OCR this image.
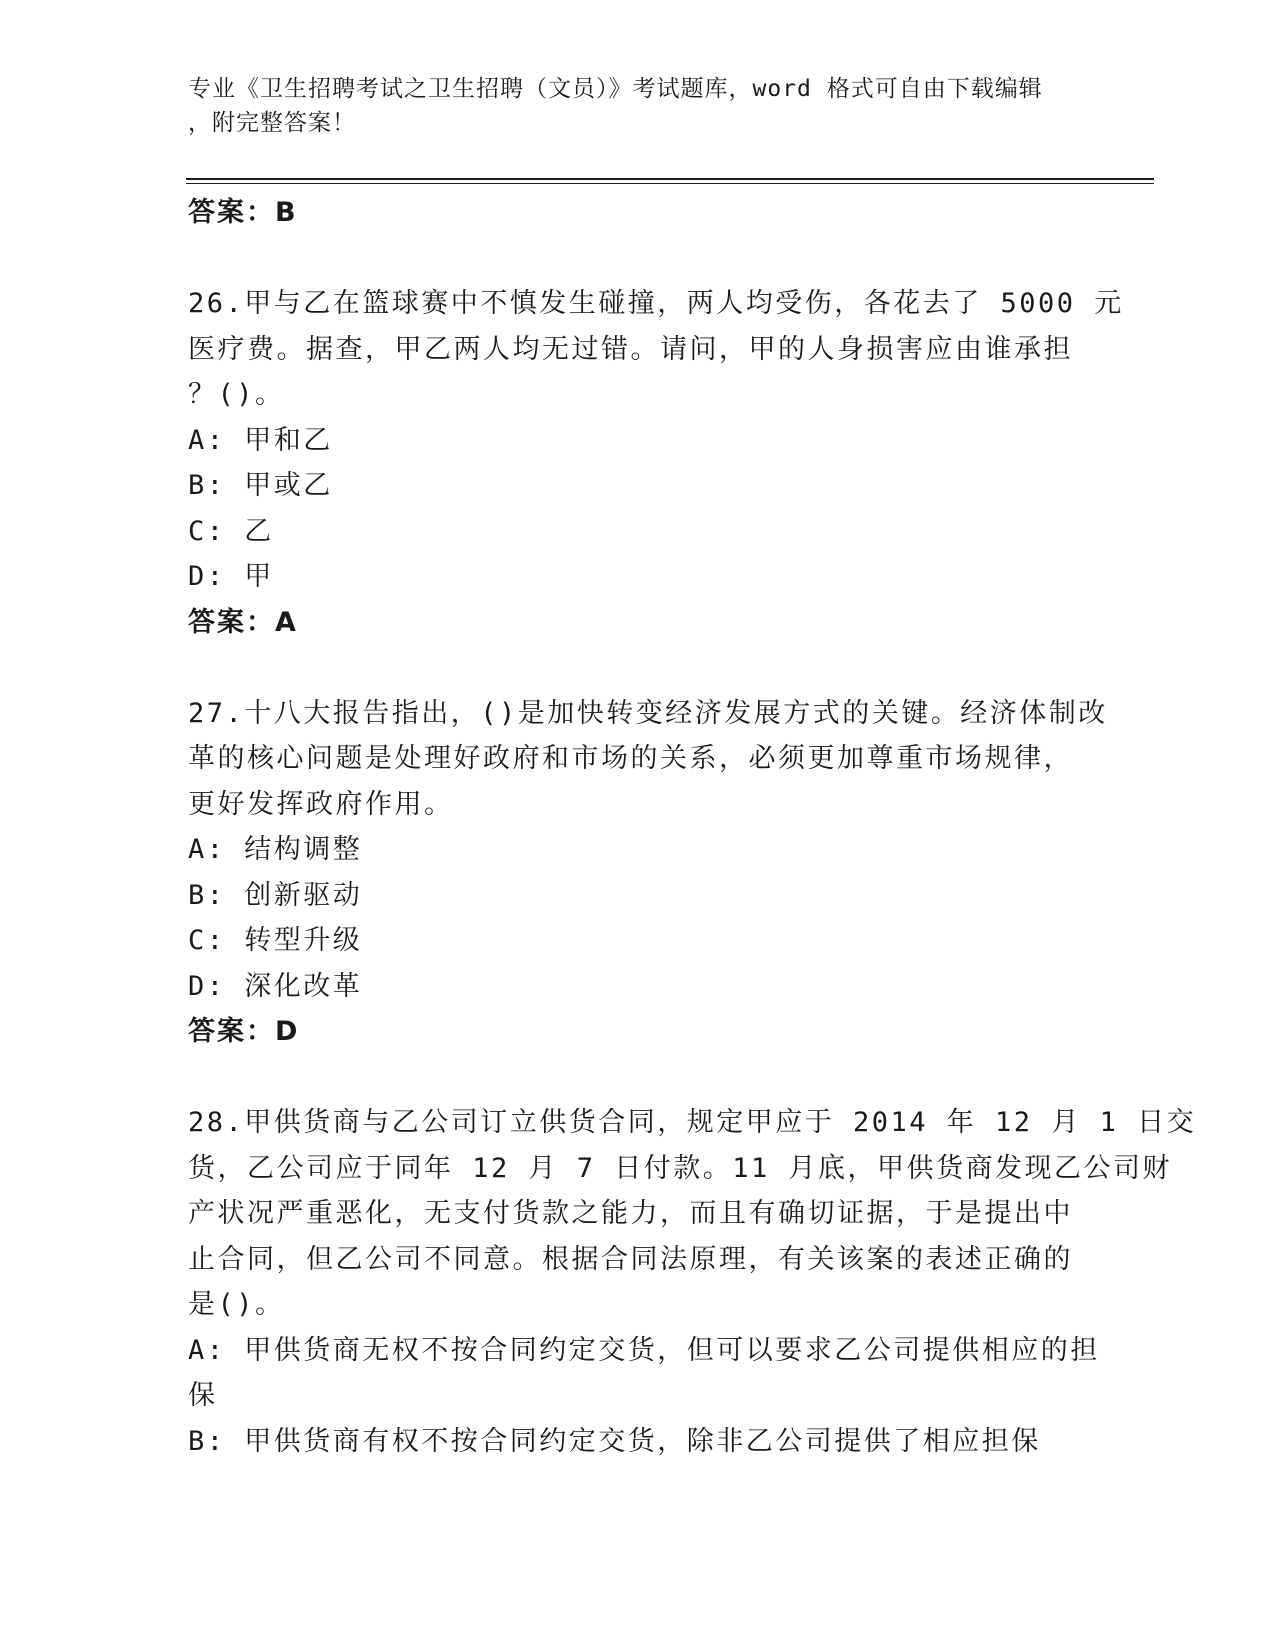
专业《卫生招聘考试之卫生招聘（文员）》考试题库，word 格式可自由下载编辑
，附完整答案！
答案：B
26.甲与乙在篮球赛中不慎发生碰撞，两人均受伤，各花去了 5000 元
医疗费。据查，甲乙两人均无过错。请问，甲的人身损害应由谁承担
？()。
A: 甲和乙
B: 甲或乙
C: 乙
D: 甲
答案：A
27.十八大报告指出，()是加快转变经济发展方式的关键。经济体制改
革的核心问题是处理好政府和市场的关系，必须更加尊重市场规律，
更好发挥政府作用。
A: 结构调整
B: 创新驱动
C: 转型升级
D: 深化改革
答案：D
28.甲供货商与乙公司订立供货合同，规定甲应于 2014 年 12 月 1 日交
货，乙公司应于同年 12 月 7 日付款。11 月底，甲供货商发现乙公司财
产状况严重恶化，无支付货款之能力，而且有确切证据，于是提出中
止合同，但乙公司不同意。根据合同法原理，有关该案的表述正确的
是()。
A: 甲供货商无权不按合同约定交货，但可以要求乙公司提供相应的担
保
B: 甲供货商有权不按合同约定交货，除非乙公司提供了相应担保
